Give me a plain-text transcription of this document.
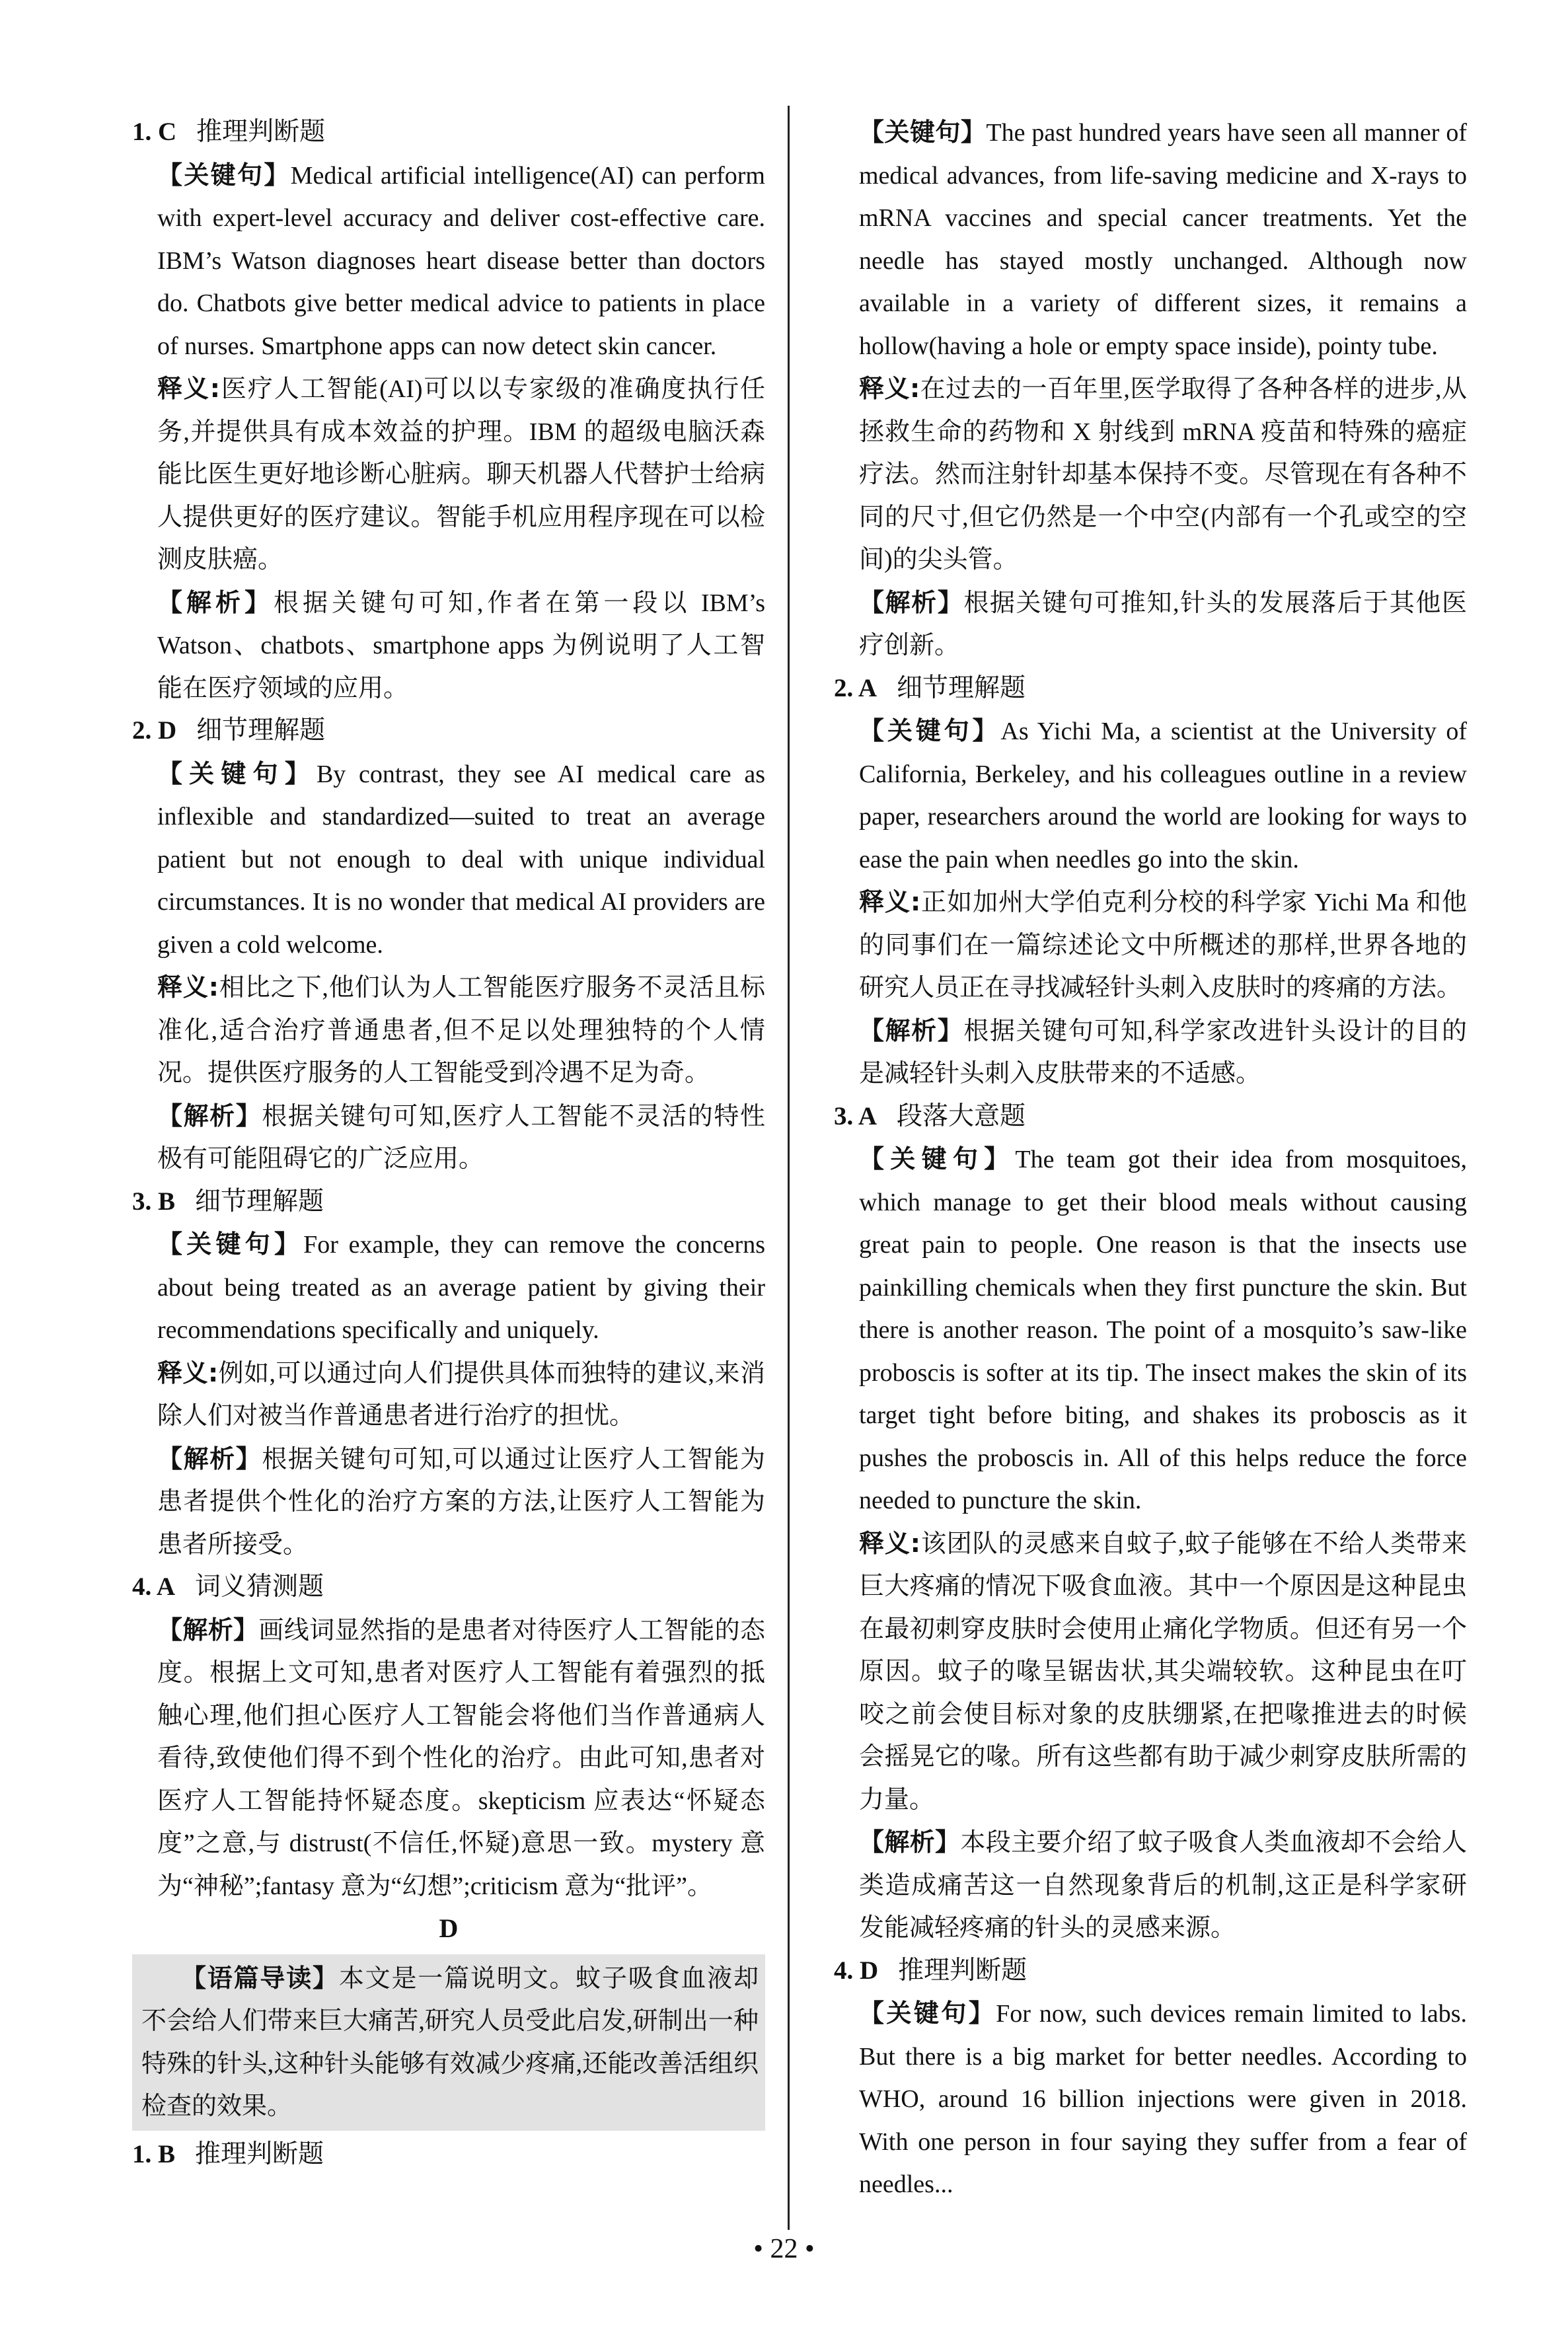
1. C 推理判断题
【关键句】Medical artificial intelligence(AI) can perform with expert-level accuracy and deliver cost-effective care. IBM’s Watson diagnoses heart disease better than doctors do. Chatbots give better medical advice to patients in place of nurses. Smartphone apps can now detect skin cancer.
释义:医疗人工智能(AI)可以以专家级的准确度执行任务,并提供具有成本效益的护理。IBM 的超级电脑沃森能比医生更好地诊断心脏病。聊天机器人代替护士给病人提供更好的医疗建议。智能手机应用程序现在可以检测皮肤癌。
【解析】根据关键句可知,作者在第一段以 IBM’s Watson、chatbots、smartphone apps 为例说明了人工智能在医疗领域的应用。
2. D 细节理解题
【关键句】By contrast, they see AI medical care as inflexible and standardized—suited to treat an average patient but not enough to deal with unique individual circumstances. It is no wonder that medical AI providers are given a cold welcome.
释义:相比之下,他们认为人工智能医疗服务不灵活且标准化,适合治疗普通患者,但不足以处理独特的个人情况。提供医疗服务的人工智能受到冷遇不足为奇。
【解析】根据关键句可知,医疗人工智能不灵活的特性极有可能阻碍它的广泛应用。
3. B 细节理解题
【关键句】For example, they can remove the concerns about being treated as an average patient by giving their recommendations specifically and uniquely.
释义:例如,可以通过向人们提供具体而独特的建议,来消除人们对被当作普通患者进行治疗的担忧。
【解析】根据关键句可知,可以通过让医疗人工智能为患者提供个性化的治疗方案的方法,让医疗人工智能为患者所接受。
4. A 词义猜测题
【解析】画线词显然指的是患者对待医疗人工智能的态度。根据上文可知,患者对医疗人工智能有着强烈的抵触心理,他们担心医疗人工智能会将他们当作普通病人看待,致使他们得不到个性化的治疗。由此可知,患者对医疗人工智能持怀疑态度。skepticism 应表达“怀疑态度”之意,与 distrust(不信任,怀疑)意思一致。mystery 意为“神秘”;fantasy 意为“幻想”;criticism 意为“批评”。
D
【语篇导读】本文是一篇说明文。蚊子吸食血液却不会给人们带来巨大痛苦,研究人员受此启发,研制出一种特殊的针头,这种针头能够有效减少疼痛,还能改善活组织检查的效果。
1. B 推理判断题
【关键句】The past hundred years have seen all manner of medical advances, from life-saving medicine and X-rays to mRNA vaccines and special cancer treatments. Yet the needle has stayed mostly unchanged. Although now available in a variety of different sizes, it remains a hollow(having a hole or empty space inside), pointy tube.
释义:在过去的一百年里,医学取得了各种各样的进步,从拯救生命的药物和 X 射线到 mRNA 疫苗和特殊的癌症疗法。然而注射针却基本保持不变。尽管现在有各种不同的尺寸,但它仍然是一个中空(内部有一个孔或空的空间)的尖头管。
【解析】根据关键句可推知,针头的发展落后于其他医疗创新。
2. A 细节理解题
【关键句】As Yichi Ma, a scientist at the University of California, Berkeley, and his colleagues outline in a review paper, researchers around the world are looking for ways to ease the pain when needles go into the skin.
释义:正如加州大学伯克利分校的科学家 Yichi Ma 和他的同事们在一篇综述论文中所概述的那样,世界各地的研究人员正在寻找减轻针头刺入皮肤时的疼痛的方法。
【解析】根据关键句可知,科学家改进针头设计的目的是减轻针头刺入皮肤带来的不适感。
3. A 段落大意题
【关键句】The team got their idea from mosquitoes, which manage to get their blood meals without causing great pain to people. One reason is that the insects use painkilling chemicals when they first puncture the skin. But there is another reason. The point of a mosquito’s saw-like proboscis is softer at its tip. The insect makes the skin of its target tight before biting, and shakes its proboscis as it pushes the proboscis in. All of this helps reduce the force needed to puncture the skin.
释义:该团队的灵感来自蚊子,蚊子能够在不给人类带来巨大疼痛的情况下吸食血液。其中一个原因是这种昆虫在最初刺穿皮肤时会使用止痛化学物质。但还有另一个原因。蚊子的喙呈锯齿状,其尖端较软。这种昆虫在叮咬之前会使目标对象的皮肤绷紧,在把喙推进去的时候会摇晃它的喙。所有这些都有助于减少刺穿皮肤所需的力量。
【解析】本段主要介绍了蚊子吸食人类血液却不会给人类造成痛苦这一自然现象背后的机制,这正是科学家研发能减轻疼痛的针头的灵感来源。
4. D 推理判断题
【关键句】For now, such devices remain limited to labs. But there is a big market for better needles. According to WHO, around 16 billion injections were given in 2018. With one person in four saying they suffer from a fear of needles...
• 22 •
